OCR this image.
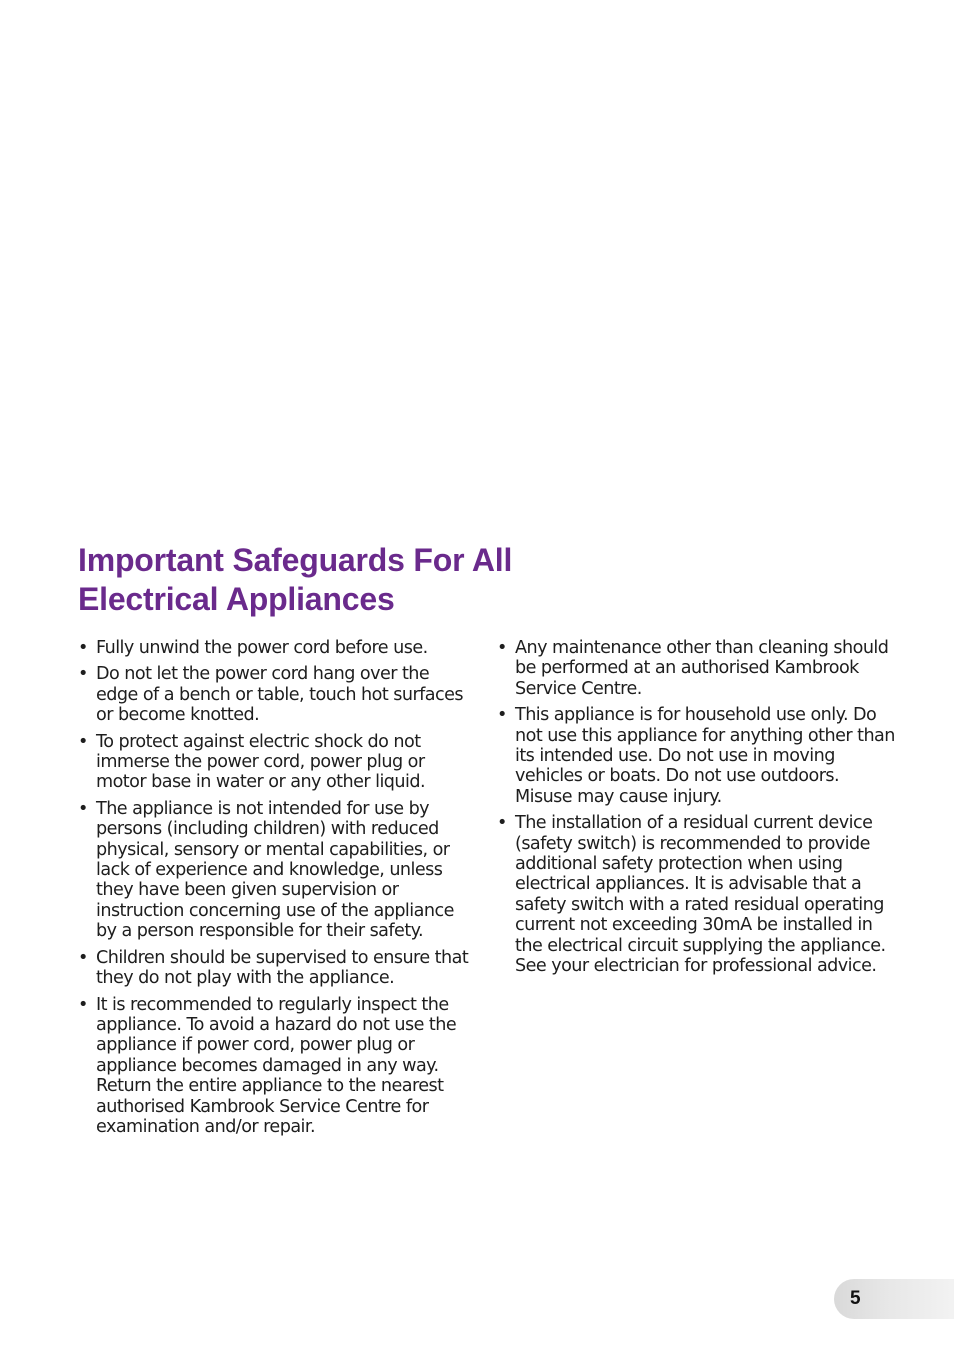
Important Safeguards For All
Electrical Appliances
• Fully unwind the power cord before use.
• Do not let the power cord hang over the edge of a bench or table, touch hot surfaces or become knotted.
• To protect against electric shock do not immerse the power cord, power plug or motor base in water or any other liquid.
• The appliance is not intended for use by persons (including children) with reduced physical, sensory or mental capabilities, or lack of experience and knowledge, unless they have been given supervision or instruction concerning use of the appliance by a person responsible for their safety.
• Children should be supervised to ensure that they do not play with the appliance.
• It is recommended to regularly inspect the appliance. To avoid a hazard do not use the appliance if power cord, power plug or appliance becomes damaged in any way. Return the entire appliance to the nearest authorised Kambrook Service Centre for examination and/or repair.
• Any maintenance other than cleaning should be performed at an authorised Kambrook Service Centre.
• This appliance is for household use only. Do not use this appliance for anything other than its intended use. Do not use in moving vehicles or boats. Do not use outdoors. Misuse may cause injury.
• The installation of a residual current device (safety switch) is recommended to provide additional safety protection when using electrical appliances. It is advisable that a safety switch with a rated residual operating current not exceeding 30mA be installed in the electrical circuit supplying the appliance. See your electrician for professional advice.
5
